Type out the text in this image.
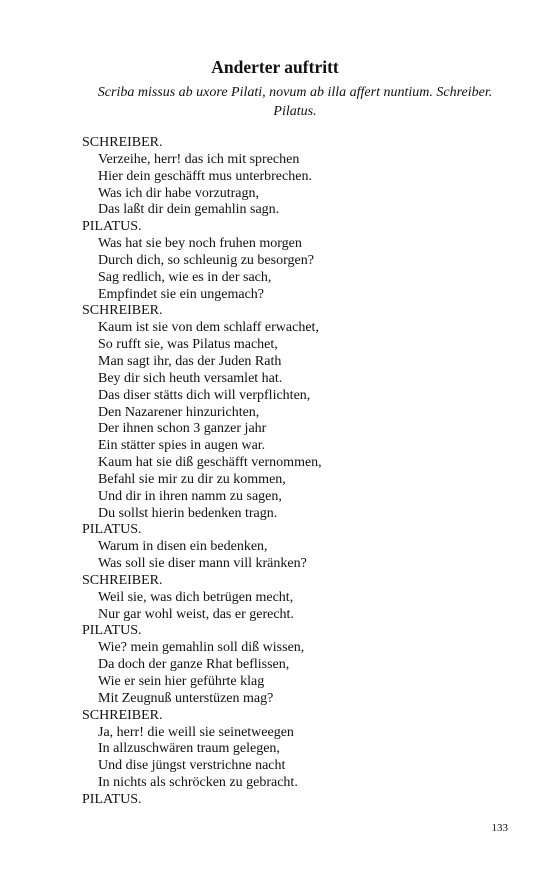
Anderter auftritt
Scriba missus ab uxore Pilati, novum ab illa affert nuntium. Schreiber. Pilatus.
SCHREIBER.
Verzeihe, herr! das ich mit sprechen
Hier dein geschäfft mus unterbrechen.
Was ich dir habe vorzutragn,
Das laßt dir dein gemahlin sagn.
PILATUS.
Was hat sie bey noch fruhen morgen
Durch dich, so schleunig zu besorgen?
Sag redlich, wie es in der sach,
Empfindet sie ein ungemach?
SCHREIBER.
Kaum ist sie von dem schlaff erwachet,
So rufft sie, was Pilatus machet,
Man sagt ihr, das der Juden Rath
Bey dir sich heuth versamlet hat.
Das diser stätts dich will verpflichten,
Den Nazarener hinzurichten,
Der ihnen schon 3 ganzer jahr
Ein stätter spies in augen war.
Kaum hat sie diß geschäfft vernommen,
Befahl sie mir zu dir zu kommen,
Und dir in ihren namm zu sagen,
Du sollst hierin bedenken tragn.
PILATUS.
Warum in disen ein bedenken,
Was soll sie diser mann vill kränken?
SCHREIBER.
Weil sie, was dich betrügen mecht,
Nur gar wohl weist, das er gerecht.
PILATUS.
Wie? mein gemahlin soll diß wissen,
Da doch der ganze Rhat beflissen,
Wie er sein hier geführte klag
Mit Zeugnuß unterstüzen mag?
SCHREIBER.
Ja, herr! die weill sie seinetweegen
In allzuschwären traum gelegen,
Und dise jüngst verstrichne nacht
In nichts als schröcken zu gebracht.
PILATUS.
133
